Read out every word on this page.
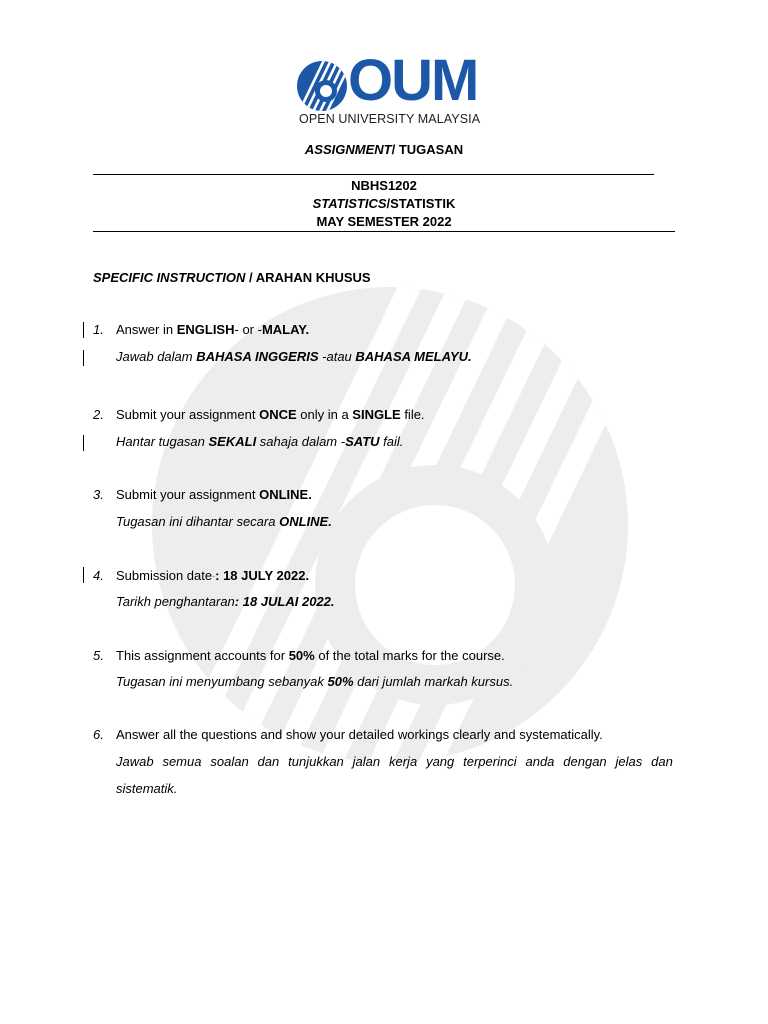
OUM
OPEN UNIVERSITY MALAYSIA
ASSIGNMENT/ TUGASAN
NBHS1202
STATISTICS/STATISTIK
MAY SEMESTER 2022
SPECIFIC INSTRUCTION / ARAHAN KHUSUS
1. Answer in ENGLISH- or -MALAY.
Jawab dalam BAHASA INGGERIS -atau BAHASA MELAYU.
2. Submit your assignment ONCE only in a SINGLE file.
Hantar tugasan SEKALI sahaja dalam -SATU fail.
3. Submit your assignment ONLINE.
Tugasan ini dihantar secara ONLINE.
4. Submission date-: 18 JULY 2022.
Tarikh penghantaran: 18 JULAI 2022.
5. This assignment accounts for 50% of the total marks for the course.
Tugasan ini menyumbang sebanyak 50% dari jumlah markah kursus.
6. Answer all the questions and show your detailed workings clearly and systematically.
Jawab semua soalan dan tunjukkan jalan kerja yang terperinci anda dengan jelas dan
sistematik.
